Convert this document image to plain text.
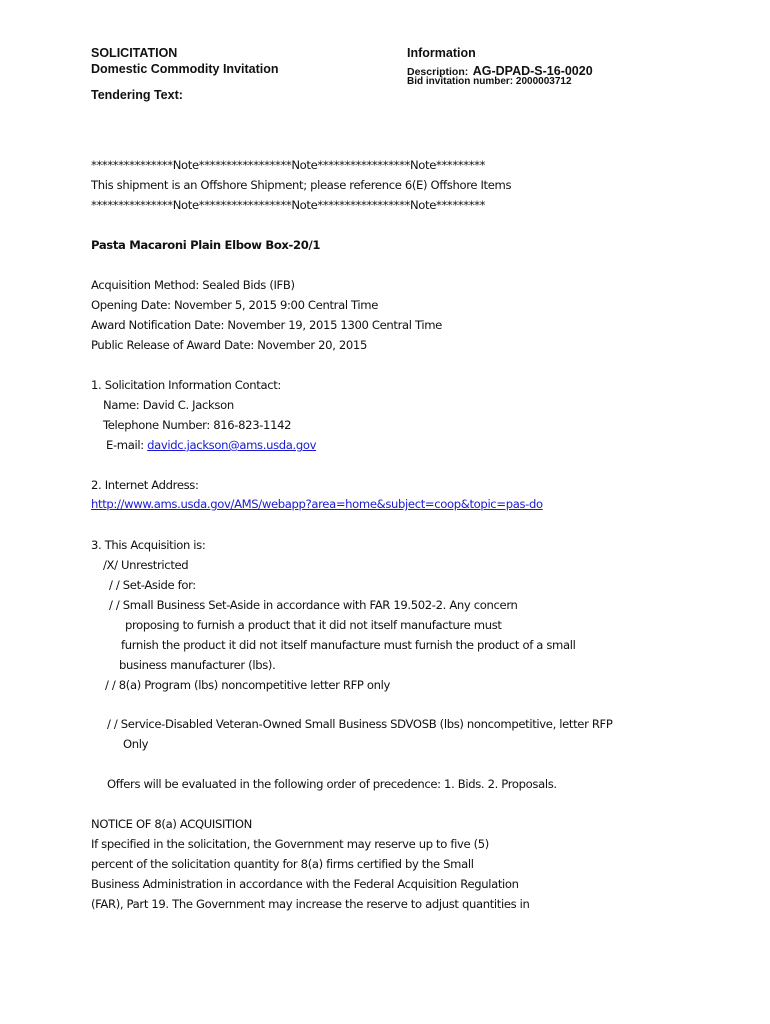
SOLICITATION
Domestic Commodity Invitation
Tendering Text:
Information
Description: AG-DPAD-S-16-0020
Bid invitation number: 2000003712
***************Note*****************Note*****************Note*********
This shipment is an Offshore Shipment; please reference 6(E) Offshore Items
***************Note*****************Note*****************Note*********
Pasta Macaroni Plain Elbow Box-20/1
Acquisition Method: Sealed Bids (IFB)
Opening Date: November 5, 2015 9:00 Central Time
Award Notification Date: November 19, 2015 1300 Central Time
Public Release of Award Date: November 20, 2015
1. Solicitation Information Contact:
Name: David C. Jackson
Telephone Number: 816-823-1142
E-mail: davidc.jackson@ams.usda.gov
2. Internet Address:
http://www.ams.usda.gov/AMS/webapp?area=home&subject=coop&topic=pas-do
3. This Acquisition is:
/X/ Unrestricted
/ / Set-Aside for:
/ / Small Business Set-Aside in accordance with FAR 19.502-2. Any concern
proposing to furnish a product that it did not itself manufacture must
furnish the product it did not itself manufacture must furnish the product of a small
business manufacturer (lbs).
/ / 8(a) Program (lbs) noncompetitive letter RFP only
/ / Service-Disabled Veteran-Owned Small Business SDVOSB (lbs) noncompetitive, letter RFP
Only
Offers will be evaluated in the following order of precedence: 1. Bids. 2. Proposals.
NOTICE OF 8(a) ACQUISITION
If specified in the solicitation, the Government may reserve up to five (5)
percent of the solicitation quantity for 8(a) firms certified by the Small
Business Administration in accordance with the Federal Acquisition Regulation
(FAR), Part 19. The Government may increase the reserve to adjust quantities in
